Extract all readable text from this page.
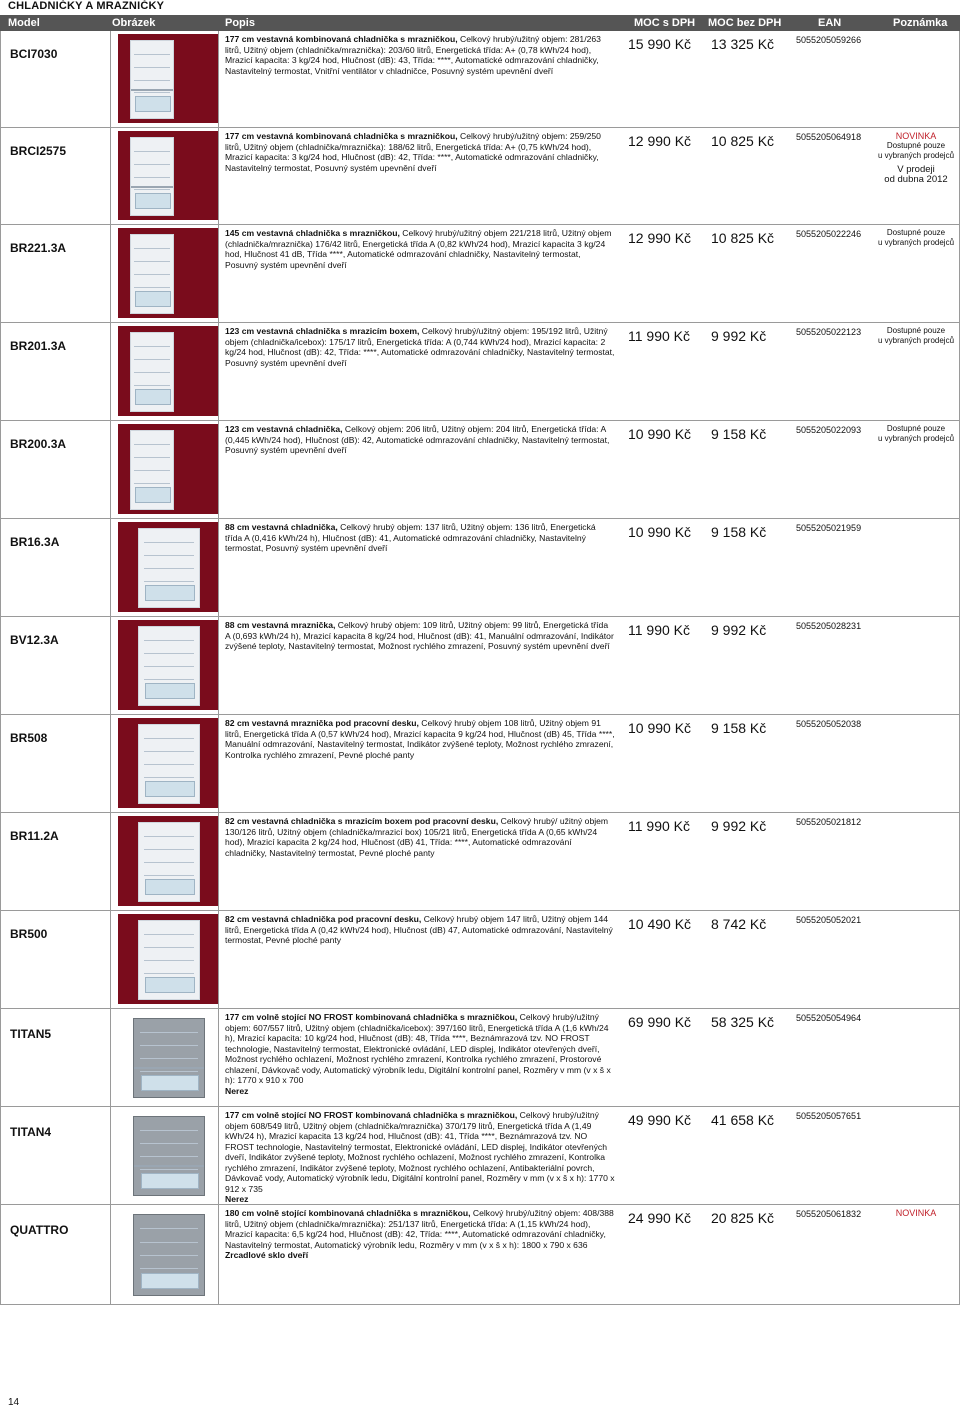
CHLADNIČKY A MRAZNIČKY
Model	Obrázek	Popis	MOC s DPH MOC bez DPH	EAN	Poznámka
BCI7030
177 cm vestavná kombinovaná chladnička s mrazničkou, Celkový hrubý/užitný objem: 281/263 litrů, Užitný objem (chladnička/mraznička): 203/60 litrů, Energetická třída: A+ (0,78 kWh/24 hod), Mrazicí kapacita: 3 kg/24 hod, Hlučnost (dB): 43, Třída: ****, Automatické odmrazování chladničky, Nastavitelný termostat, Vnitřní ventilátor v chladničce, Posuvný systém upevnění dveří
15 990 Kč 13 325 Kč 5055205059266
BRCI2575
177 cm vestavná kombinovaná chladnička s mrazničkou, Celkový hrubý/užitný objem: 259/250 litrů, Užitný objem (chladnička/mraznička): 188/62 litrů, Energetická třída: A+ (0,75 kWh/24 hod), Mrazicí kapacita: 3 kg/24 hod, Hlučnost (dB): 42, Třída: ****, Automatické odmrazování chladničky, Nastavitelný termostat, Posuvný systém upevnění dveří
12 990 Kč 10 825 Kč 5055205064918	NOVINKA
Dostupné pouze
u vybraných prodejců
V prodeji
od dubna 2012
BR221.3A
145 cm vestavná chladnička s mrazničkou, Celkový hrubý/užitný objem 221/218 litrů, Užitný objem (chladnička/mraznička) 176/42 litrů, Energetická třída A (0,82 kWh/24 hod), Mrazicí kapacita 3 kg/24 hod, Hlučnost 41 dB, Třída ****, Automatické odmrazování chladničky, Nastavitelný termostat, Posuvný systém upevnění dveří
12 990 Kč 10 825 Kč 5055205022246	Dostupné pouze
u vybraných prodejců
BR201.3A
123 cm vestavná chladnička s mrazicím boxem, Celkový hrubý/užitný objem: 195/192 litrů, Užitný objem (chladnička/icebox): 175/17 litrů, Energetická třída: A (0,744 kWh/24 hod), Mrazicí kapacita: 2 kg/24 hod, Hlučnost (dB): 42, Třída: ****, Automatické odmrazování chladničky, Nastavitelný termostat, Posuvný systém upevnění dveří
11 990 Kč 9 992 Kč	5055205022123	Dostupné pouze
u vybraných prodejců
BR200.3A
123 cm vestavná chladnička, Celkový objem: 206 litrů, Užitný objem: 204 litrů, Energetická třída: A (0,445 kWh/24 hod), Hlučnost (dB): 42, Automatické odmrazování chladničky, Nastavitelný termostat, Posuvný systém upevnění dveří
10 990 Kč 9 158 Kč	5055205022093	Dostupné pouze
u vybraných prodejců
BR16.3A
88 cm vestavná chladnička, Celkový hrubý objem: 137 litrů, Užitný objem: 136 litrů, Energetická třída A (0,416 kWh/24 h), Hlučnost (dB): 41, Automatické odmrazování chladničky, Nastavitelný termostat, Posuvný systém upevnění dveří
10 990 Kč 9 158 Kč	5055205021959
BV12.3A
88 cm vestavná mraznička, Celkový hrubý objem: 109 litrů, Užitný objem: 99 litrů, Energetická třída A (0,693 kWh/24 h), Mrazicí kapacita 8 kg/24 hod, Hlučnost (dB): 41, Manuální odmrazování, Indikátor zvýšené teploty, Nastavitelný termostat, Možnost rychlého zmrazení, Posuvný systém upevnění dveří
11 990 Kč 9 992 Kč	5055205028231
BR508
82 cm vestavná mraznička pod pracovní desku, Celkový hrubý objem 108 litrů, Užitný objem 91 litrů, Energetická třída A (0,57 kWh/24 hod), Mrazicí kapacita 9 kg/24 hod, Hlučnost (dB) 45, Třída ****, Manuální odmrazování, Nastavitelný termostat, Indikátor zvýšené teploty, Možnost rychlého zmrazení, Kontrolka rychlého zmrazení, Pevné ploché panty
10 990 Kč 9 158 Kč	5055205052038
BR11.2A
82 cm vestavná chladnička s mrazicím boxem pod pracovní desku, Celkový hrubý/ užitný objem 130/126 litrů, Užitný objem (chladnička/mrazicí box) 105/21 litrů, Energetická třída A (0,65 kWh/24 hod), Mrazicí kapacita 2 kg/24 hod, Hlučnost (dB) 41, Třída: ****, Automatické odmrazování chladničky, Nastavitelný termostat, Pevné ploché panty
11 990 Kč 9 992 Kč	5055205021812
BR500
82 cm vestavná chladnička pod pracovní desku, Celkový hrubý objem 147 litrů, Užitný objem 144 litrů, Energetická třída A (0,42 kWh/24 hod), Hlučnost (dB) 47, Automatické odmrazování, Nastavitelný termostat, Pevné ploché panty
10 490 Kč 8 742 Kč	5055205052021
TITAN5
177 cm volně stojící NO FROST kombinovaná chladnička s mrazničkou, Celkový hrubý/užitný objem: 607/557 litrů, Užitný objem (chladnička/icebox): 397/160 litrů, Energetická třída A (1,6 kWh/24 h), Mrazicí kapacita: 10 kg/24 hod, Hlučnost (dB): 48, Třída ****, Beznámrazová tzv. NO FROST technologie, Nastavitelný termostat, Elektronické ovládání, LED displej, Indikátor otevřených dveří, Možnost rychlého ochlazení, Možnost rychlého zmrazení, Kontrolka rychlého zmrazení, Prostorové chlazení, Dávkovač vody, Automatický výrobník ledu, Digitální kontrolní panel, Rozměry v mm (v x š x h): 1770 x 910 x 700
Nerez
69 990 Kč 58 325 Kč 5055205054964
TITAN4
177 cm volně stojící NO FROST kombinovaná chladnička s mrazničkou, Celkový hrubý/užitný objem 608/549 litrů, Užitný objem (chladnička/mraznička) 370/179 litrů, Energetická třída A (1,49 kWh/24 h), Mrazicí kapacita 13 kg/24 hod, Hlučnost (dB): 41, Třída ****, Beznámrazová tzv. NO FROST technologie, Nastavitelný termostat, Elektronické ovládání, LED displej, Indikátor otevřených dveří, Indikátor zvýšené teploty, Možnost rychlého ochlazení, Možnost rychlého zmrazení, Kontrolka rychlého zmrazení, Indikátor zvýšené teploty, Možnost rychlého ochlazení, Antibakteriální povrch, Dávkovač vody, Automatický výrobník ledu, Digitální kontrolní panel, Rozměry v mm (v x š x h): 1770 x 912 x 735
Nerez
49 990 Kč 41 658 Kč 5055205057651
QUATTRO
180 cm volně stojící kombinovaná chladnička s mrazničkou, Celkový hrubý/užitný objem: 408/388 litrů, Užitný objem (chladnička/mraznička): 251/137 litrů, Energetická třída: A (1,15 kWh/24 hod), Mrazicí kapacita: 6,5 kg/24 hod, Hlučnost (dB): 42, Třída: ****, Automatické odmrazování chladničky, Nastavitelný termostat, Automatický výrobník ledu, Rozměry v mm (v x š x h): 1800 x 790 x 636
Zrcadlové sklo dveří
24 990 Kč 20 825 Kč 5055205061832	NOVINKA
14
